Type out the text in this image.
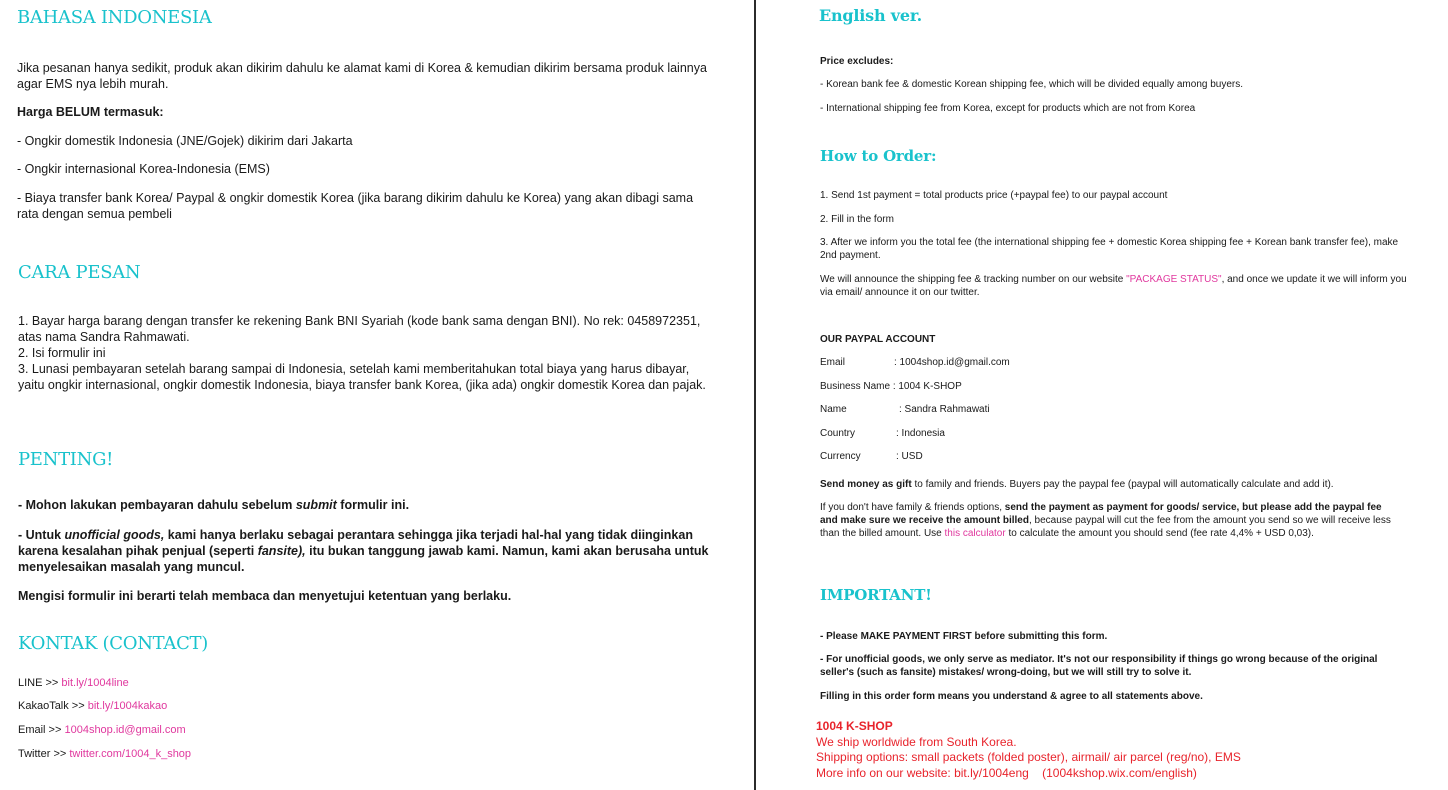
BAHASA INDONESIA

Jika pesanan hanya sedikit, produk akan dikirim dahulu ke alamat kami di Korea & kemudian dikirim bersama produk lainnya agar EMS nya lebih murah.

Harga BELUM termasuk:

- Ongkir domestik Indonesia (JNE/Gojek) dikirim dari Jakarta

- Ongkir internasional Korea-Indonesia (EMS)

- Biaya transfer bank Korea/ Paypal & ongkir domestik Korea (jika barang dikirim dahulu ke Korea) yang akan dibagi sama rata dengan semua pembeli

CARA PESAN

1. Bayar harga barang dengan transfer ke rekening Bank BNI Syariah (kode bank sama dengan BNI). No rek: 0458972351, atas nama Sandra Rahmawati.

2. Isi formulir ini

3. Lunasi pembayaran setelah barang sampai di Indonesia, setelah kami memberitahukan total biaya yang harus dibayar, yaitu ongkir internasional, ongkir domestik Indonesia, biaya transfer bank Korea, (jika ada) ongkir domestik Korea dan pajak.

PENTING!

- Mohon lakukan pembayaran dahulu sebelum submit formulir ini.

- Untuk unofficial goods, kami hanya berlaku sebagai perantara sehingga jika terjadi hal-hal yang tidak diinginkan karena kesalahan pihak penjual (seperti fansite), itu bukan tanggung jawab kami. Namun, kami akan berusaha untuk menyelesaikan masalah yang muncul.

Mengisi formulir ini berarti telah membaca dan menyetujui ketentuan yang berlaku.

KONTAK (CONTACT)
LINE >> bit.ly/1004line
KakaoTalk >> bit.ly/1004kakao
Email >> 1004shop.id@gmail.com
Twitter >> twitter.com/1004_k_shop
English ver.

Price excludes:

- Korean bank fee & domestic Korean shipping fee, which will be divided equally among buyers.

- International shipping fee from Korea, except for products which are not from Korea

How to Order:

1. Send 1st payment = total products price (+paypal fee) to our paypal account

2. Fill in the form

3. After we inform you the total fee (the international shipping fee + domestic Korea shipping fee + Korean bank transfer fee), make 2nd payment.

We will announce the shipping fee & tracking number on our website "PACKAGE STATUS", and once we update it we will inform you via email/ announce it on our twitter.

OUR PAYPAL ACCOUNT

Email	: 1004shop.id@gmail.com
Business Name : 1004 K-SHOP
Name	: Sandra Rahmawati
Country	: Indonesia
Currency	: USD

Send money as gift to family and friends. Buyers pay the paypal fee (paypal will automatically calculate and add it).

If you don't have family & friends options, send the payment as payment for goods/ service, but please add the paypal fee and make sure we receive the amount billed, because paypal will cut the fee from the amount you send so we will receive less than the billed amount. Use this calculator to calculate the amount you should send (fee rate 4,4% + USD 0,03).

IMPORTANT!

- Please MAKE PAYMENT FIRST before submitting this form.

- For unofficial goods, we only serve as mediator. It's not our responsibility if things go wrong because of the original seller's (such as fansite) mistakes/ wrong-doing, but we will still try to solve it.

Filling in this order form means you understand & agree to all statements above.

1004 K-SHOP
We ship worldwide from South Korea.
Shipping options: small packets (folded poster), airmail/ air parcel (reg/no), EMS
More info on our website: bit.ly/1004eng    (1004kshop.wix.com/english)
